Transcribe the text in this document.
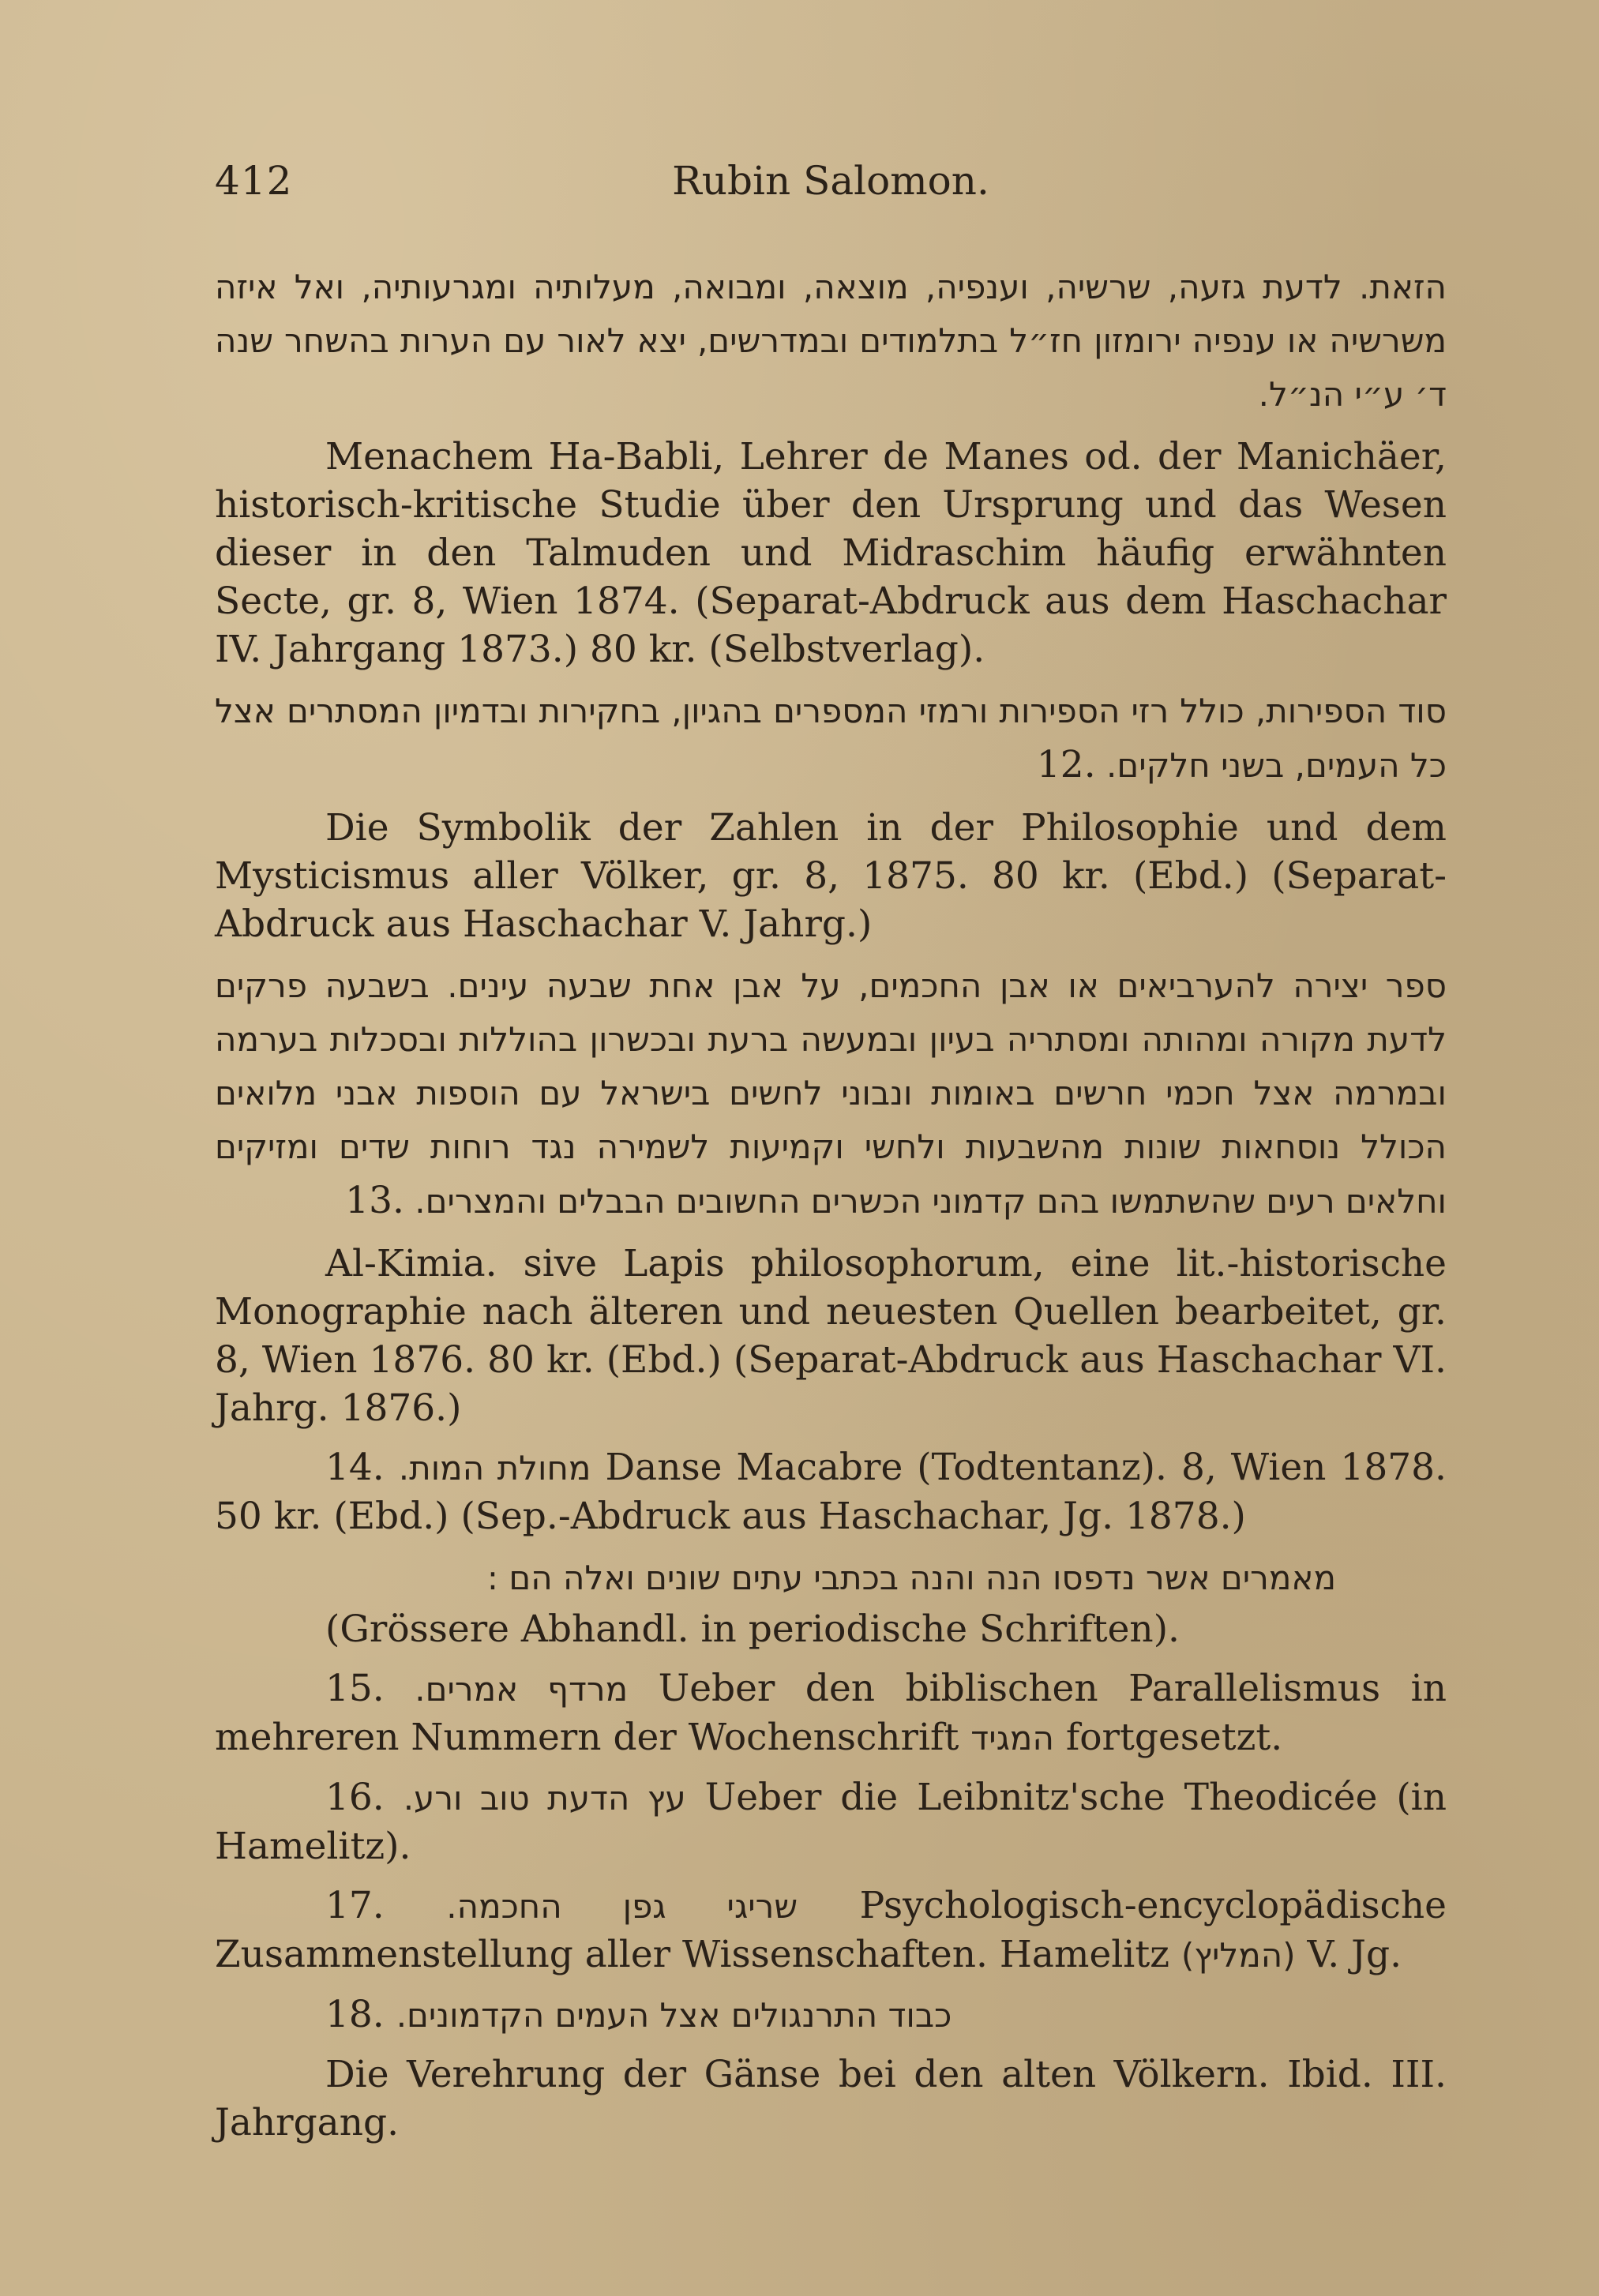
412	Rubin Salomon.

הזאת. לדעת גזעה, שרשיה, וענפיה, מוצאה, ומבואה, מעלותיה ומגרעותיה, ואל איזה משרשיה או ענפיה ירומזון חז״ל בתלמודים ובמדרשים, יצא לאור עם הערות בהשחר שנה ד׳ ע״י הנ״ל.

Menachem Ha-Babli, Lehrer de Manes od. der Manichäer, historisch-kritische Studie über den Ursprung und das Wesen dieser in den Talmuden und Midraschim häufig erwähnten Secte, gr. 8, Wien 1874. (Separat-Abdruck aus dem Haschachar IV. Jahrgang 1873.) 80 kr. (Selbstverlag).

סוד הספירות, כולל רזי הספירות ורמזי המספרים בהגיון, בחקירות ובדמיון המסתרים אצל כל העמים, בשני חלקים. 12.

Die Symbolik der Zahlen in der Philosophie und dem Mysticismus aller Völker, gr. 8, 1875. 80 kr. (Ebd.) (Separat-Abdruck aus Haschachar V. Jahrg.)

ספר יצירה להערביאים או אבן החכמים, על אבן אחת שבעה עינים. בשבעה פרקים לדעת מקורה ומהותה ומסתריה בעיון ובמעשה ברעת ובכשרון בהוללות ובסכלות בערמה ובמרמה אצל חכמי חרשים באומות ונבוני לחשים בישראל עם הוספות אבני מלואים הכולל נוסחאות שונות מהשבעות ולחשי וקמיעות לשמירה נגד רוחות שדים ומזיקים וחלאים רעים שהשתמשו בהם קדמוני הכשרים החשובים הבבלים והמצרים. 13.

Al-Kimia. sive Lapis philosophorum, eine lit.-historische Monographie nach älteren und neuesten Quellen bearbeitet, gr. 8, Wien 1876. 80 kr. (Ebd.) (Separat-Abdruck aus Haschachar VI. Jahrg. 1876.)

14. מחולת המות. Danse Macabre (Todtentanz). 8, Wien 1878. 50 kr. (Ebd.) (Sep.-Abdruck aus Haschachar, Jg. 1878.)

מאמרים אשר נדפסו הנה והנה בכתבי עתים שונים ואלה הם :

(Grössere Abhandl. in periodische Schriften).

15. מרדף אמרים. Ueber den biblischen Parallelismus in mehreren Nummern der Wochenschrift המגיד fortgesetzt.

16. עץ הדעת טוב ורע. Ueber die Leibnitz'sche Theodicée (in Hamelitz).

17. שריגי גפן החכמה. Psychologisch-encyclopädische Zusammenstellung aller Wissenschaften. Hamelitz (המליץ) V. Jg.

18. כבוד התרנגולים אצל העמים הקדמונים.

Die Verehrung der Gänse bei den alten Völkern. Ibid. III. Jahrgang.
